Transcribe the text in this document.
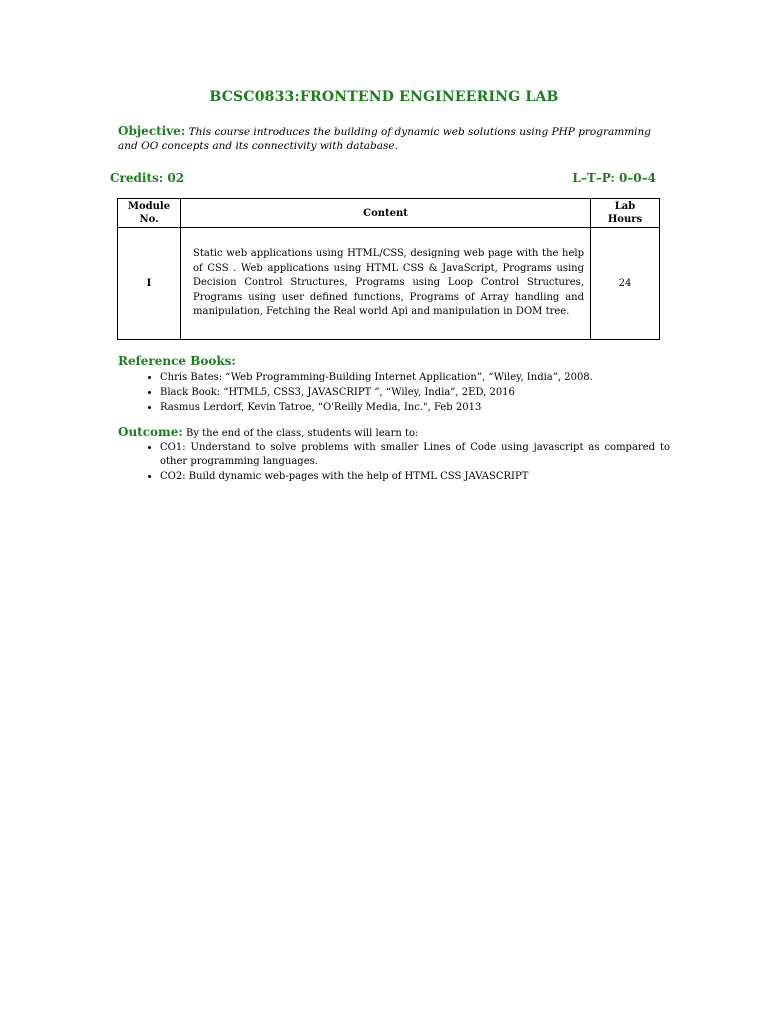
BCSC0833:FRONTEND ENGINEERING LAB
Objective: This course introduces the building of dynamic web solutions using PHP programming and OO concepts and its connectivity with database.
Credits: 02	L–T–P: 0–0–4
Module No.	Content	Lab Hours
I	Static web applications using HTML/CSS, designing web page with the help of CSS . Web applications using HTML CSS & JavaScript, Programs using Decision Control Structures, Programs using Loop Control Structures, Programs using user defined functions, Programs of Array handling and manipulation, Fetching the Real world Api and manipulation in DOM tree.	24
Reference Books:
• Chris Bates: “Web Programming-Building Internet Application”, “Wiley, India”, 2008.
• Black Book: “HTML5, CSS3, JAVASCRIPT ”, “Wiley, India”, 2ED, 2016
• Rasmus Lerdorf, Kevin Tatroe, “O'Reilly Media, Inc.", Feb 2013
Outcome: By the end of the class, students will learn to:
• CO1: Understand to solve problems with smaller Lines of Code using javascript as compared to other programming languages.
• CO2: Build dynamic web-pages with the help of HTML CSS JAVASCRIPT
